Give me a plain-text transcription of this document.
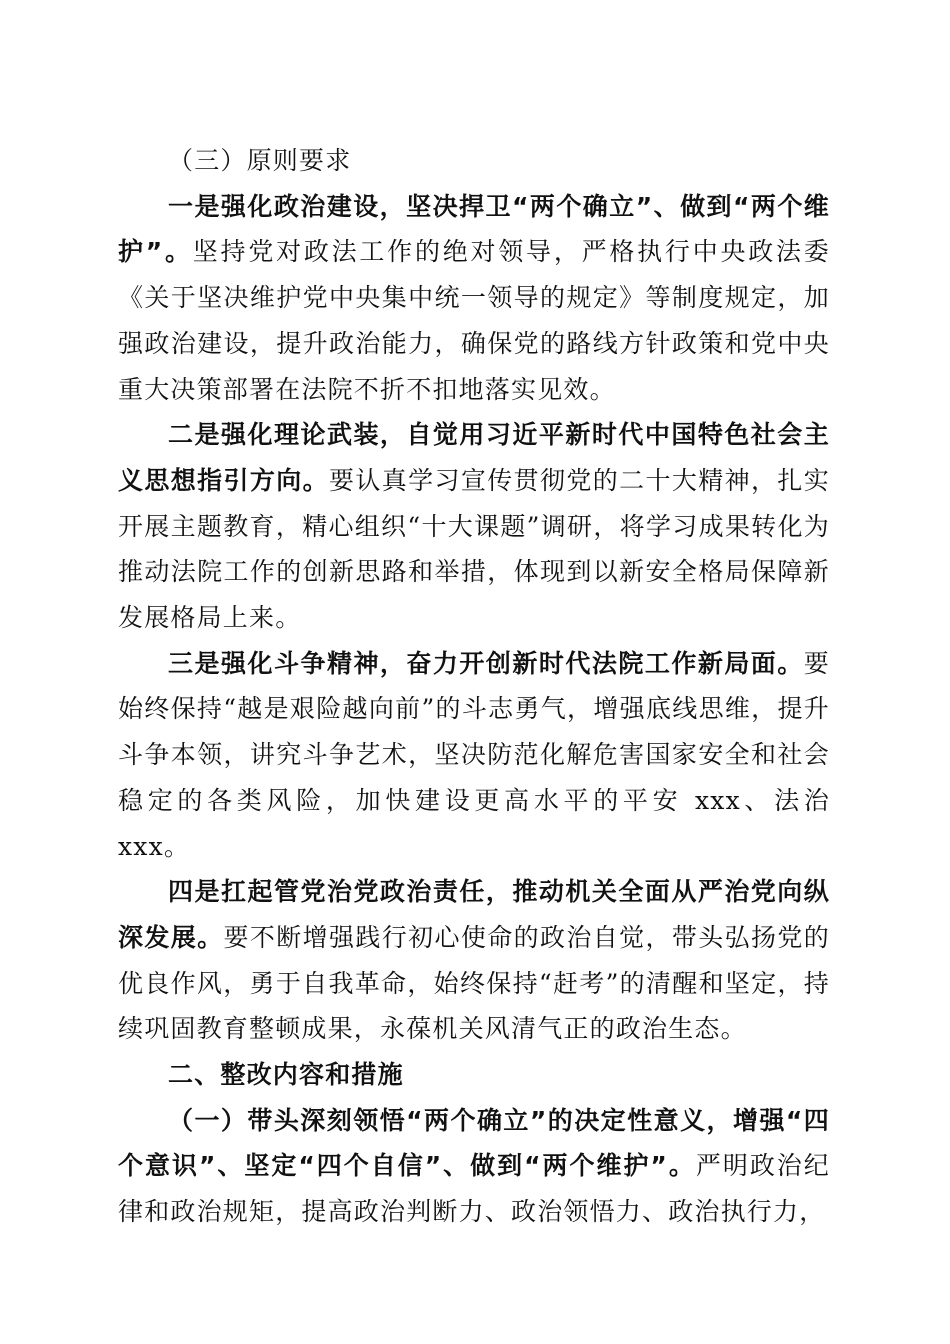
（三）原则要求

一是强化政治建设，坚决捍卫“两个确立”、做到“两个维护”。坚持党对政法工作的绝对领导，严格执行中央政法委《关于坚决维护党中央集中统一领导的规定》等制度规定，加强政治建设，提升政治能力，确保党的路线方针政策和党中央重大决策部署在法院不折不扣地落实见效。

二是强化理论武装，自觉用习近平新时代中国特色社会主义思想指引方向。要认真学习宣传贯彻党的二十大精神，扎实开展主题教育，精心组织“十大课题”调研，将学习成果转化为推动法院工作的创新思路和举措，体现到以新安全格局保障新发展格局上来。

三是强化斗争精神，奋力开创新时代法院工作新局面。要始终保持“越是艰险越向前”的斗志勇气，增强底线思维，提升斗争本领，讲究斗争艺术，坚决防范化解危害国家安全和社会稳定的各类风险，加快建设更高水平的平安 xxx、法治 xxx。

四是扛起管党治党政治责任，推动机关全面从严治党向纵深发展。要不断增强践行初心使命的政治自觉，带头弘扬党的优良作风，勇于自我革命，始终保持“赶考”的清醒和坚定，持续巩固教育整顿成果，永葆机关风清气正的政治生态。

二、整改内容和措施

（一）带头深刻领悟“两个确立”的决定性意义，增强“四个意识”、坚定“四个自信”、做到“两个维护”。严明政治纪律和政治规矩，提高政治判断力、政治领悟力、政治执行力，
